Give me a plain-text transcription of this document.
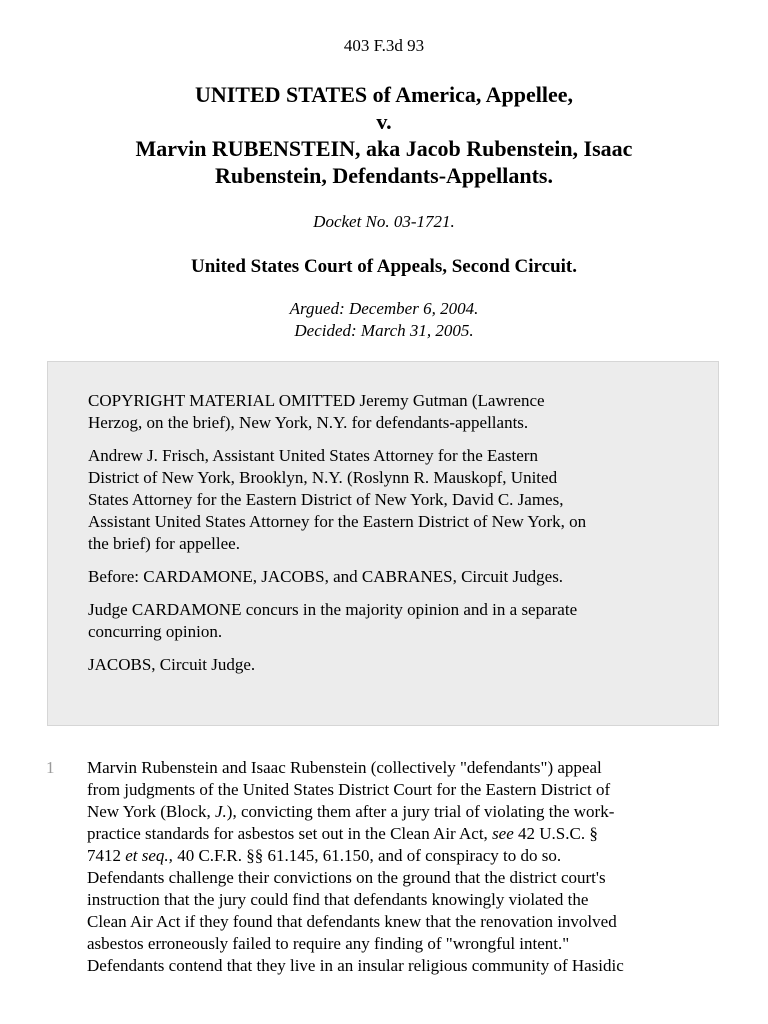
403 F.3d 93
UNITED STATES of America, Appellee,
v.
Marvin RUBENSTEIN, aka Jacob Rubenstein, Isaac
Rubenstein, Defendants-Appellants.
Docket No. 03-1721.
United States Court of Appeals, Second Circuit.
Argued: December 6, 2004.
Decided: March 31, 2005.

COPYRIGHT MATERIAL OMITTED Jeremy Gutman (Lawrence
Herzog, on the brief), New York, N.Y. for defendants-appellants.

Andrew J. Frisch, Assistant United States Attorney for the Eastern
District of New York, Brooklyn, N.Y. (Roslynn R. Mauskopf, United
States Attorney for the Eastern District of New York, David C. James,
Assistant United States Attorney for the Eastern District of New York, on
the brief) for appellee.

Before: CARDAMONE, JACOBS, and CABRANES, Circuit Judges.

Judge CARDAMONE concurs in the majority opinion and in a separate
concurring opinion.

JACOBS, Circuit Judge.

1 Marvin Rubenstein and Isaac Rubenstein (collectively "defendants") appeal
from judgments of the United States District Court for the Eastern District of
New York (Block, J.), convicting them after a jury trial of violating the work-
practice standards for asbestos set out in the Clean Air Act, see 42 U.S.C. §
7412 et seq., 40 C.F.R. §§ 61.145, 61.150, and of conspiracy to do so.
Defendants challenge their convictions on the ground that the district court's
instruction that the jury could find that defendants knowingly violated the
Clean Air Act if they found that defendants knew that the renovation involved
asbestos erroneously failed to require any finding of "wrongful intent."
Defendants contend that they live in an insular religious community of Hasidic
